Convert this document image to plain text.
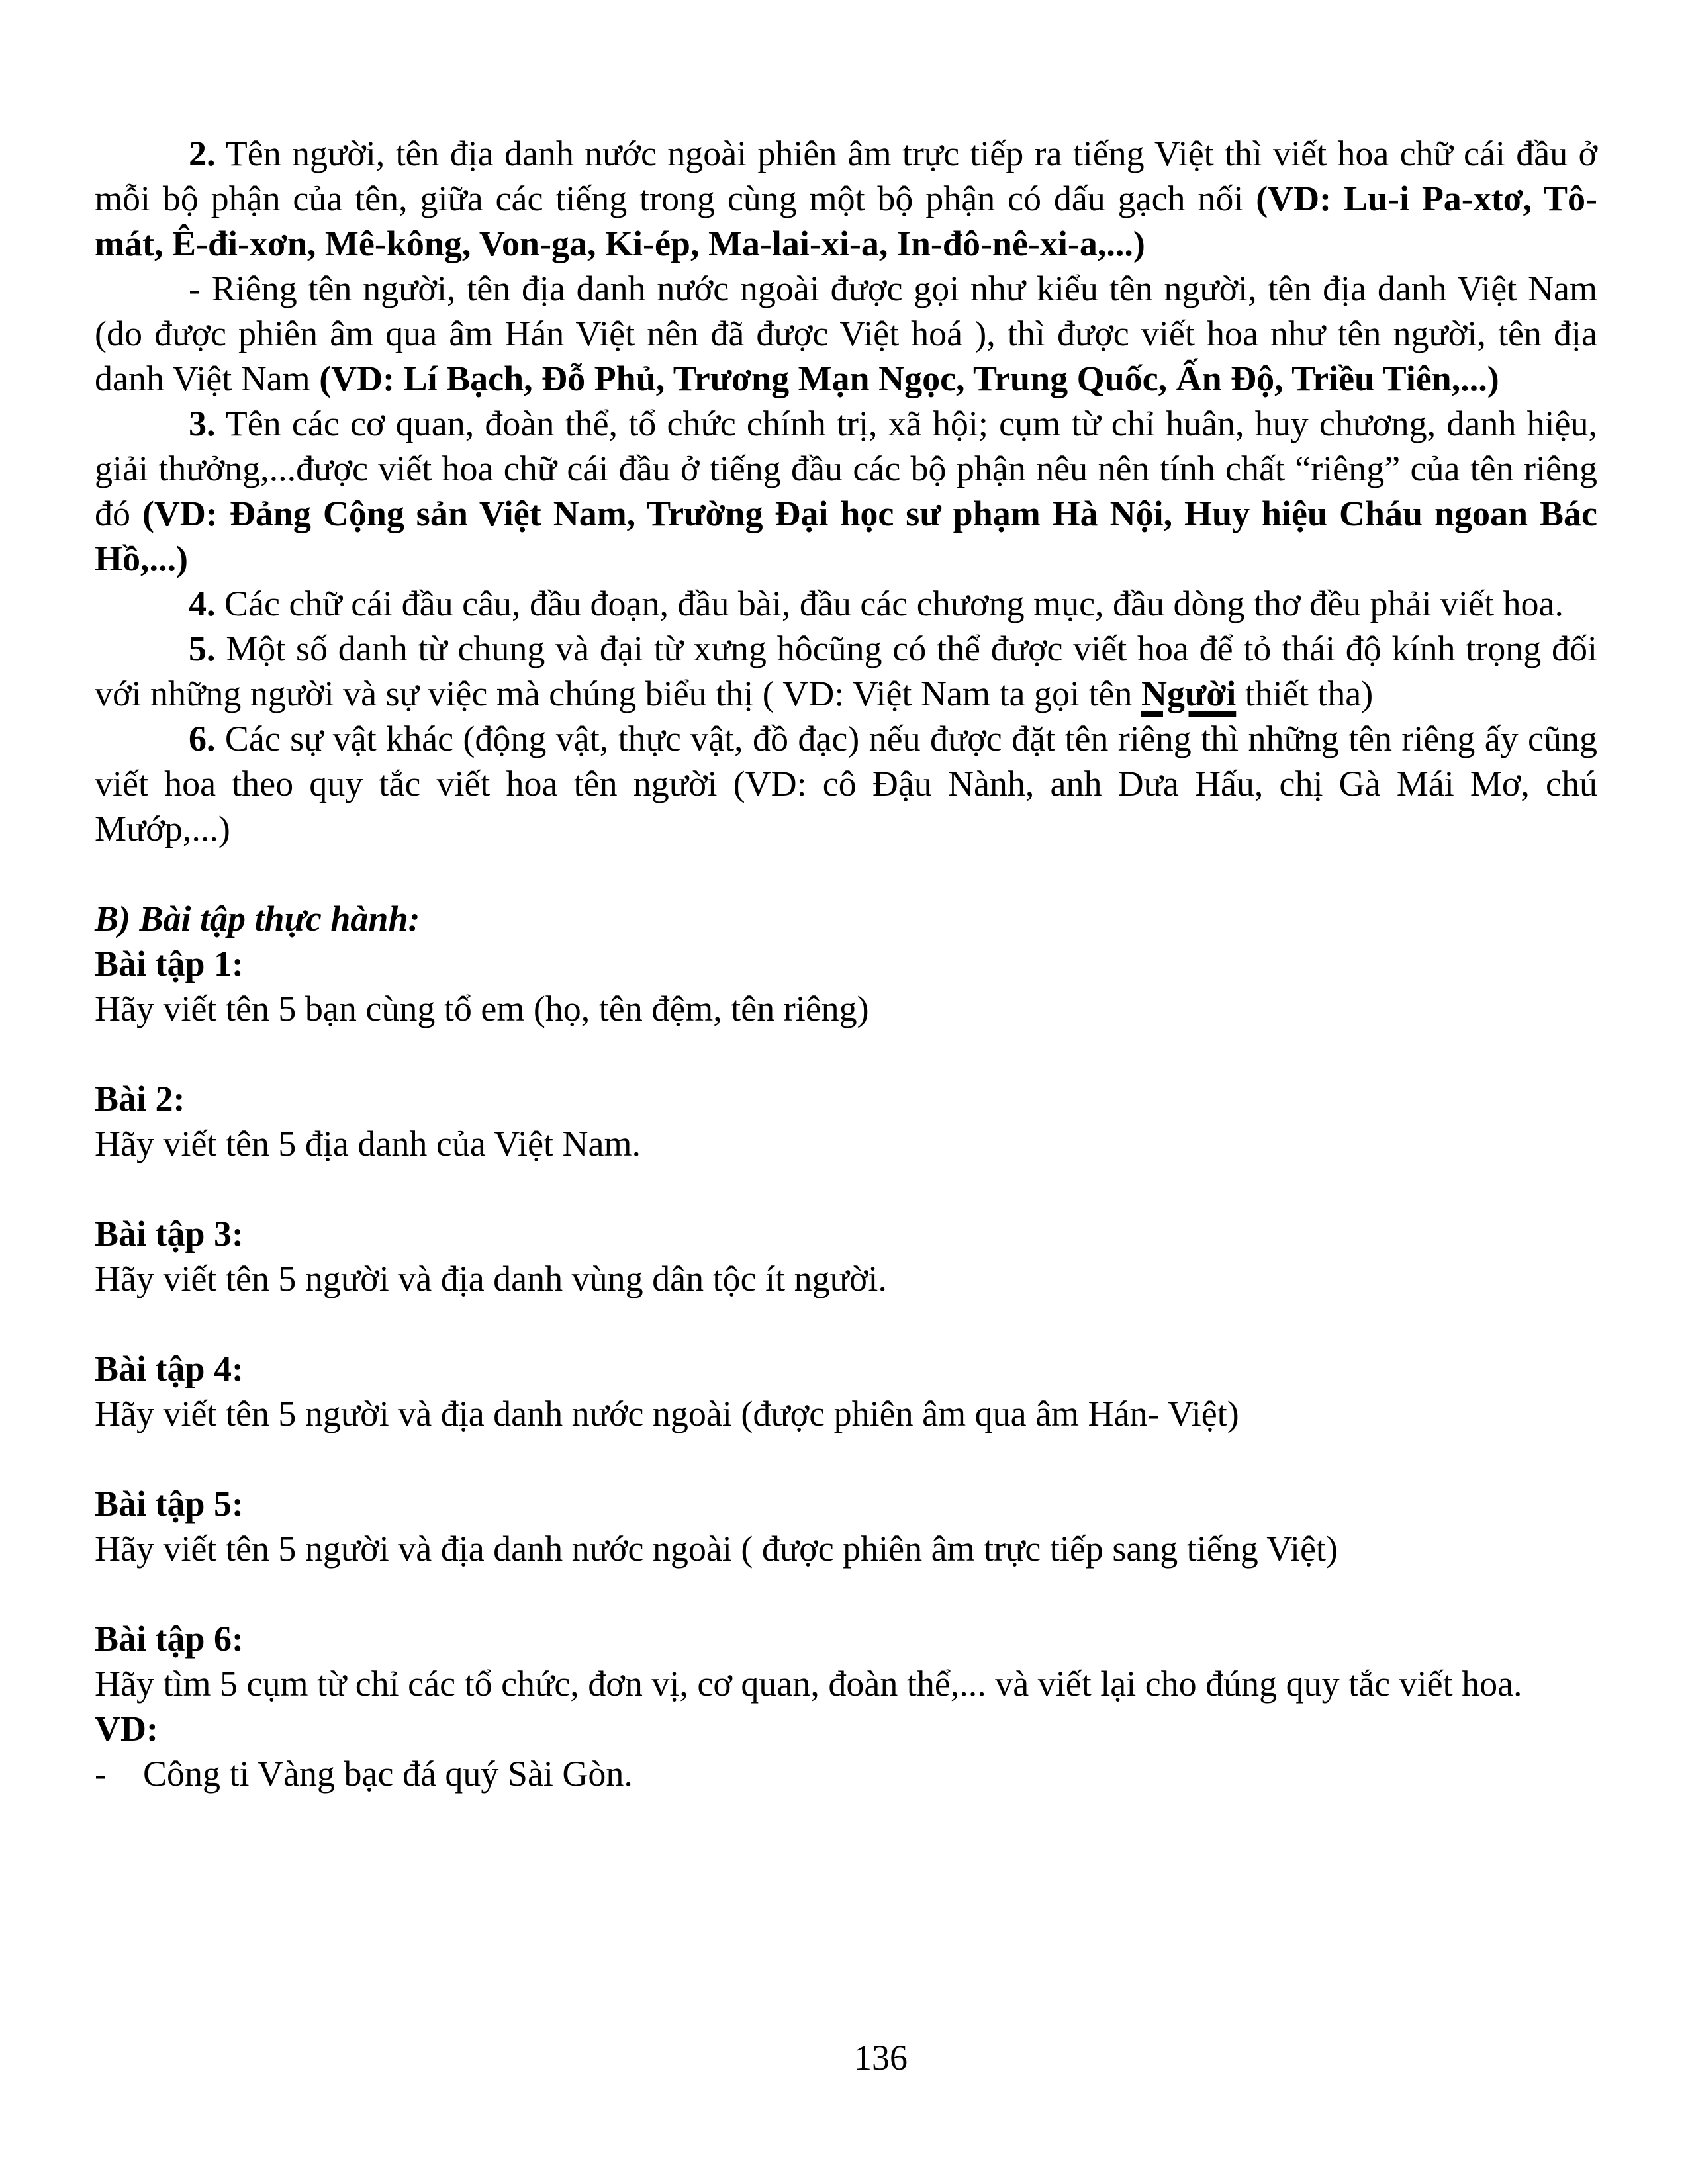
2. Tên người, tên địa danh nước ngoài phiên âm trực tiếp ra tiếng Việt thì viết hoa chữ cái đầu ở mỗi bộ phận của tên, giữa các tiếng trong cùng một bộ phận có dấu gạch nối (VD: Lu-i Pa-xtơ, Tô- mát, Ê-đi-xơn, Mê-kông, Von-ga, Ki-ép, Ma-lai-xi-a, In-đô-nê-xi-a,...)

- Riêng tên người, tên địa danh nước ngoài được gọi như kiểu tên người, tên địa danh Việt Nam (do được phiên âm qua âm Hán Việt nên đã được Việt hoá ), thì được viết hoa như tên người, tên địa danh Việt Nam (VD: Lí Bạch, Đỗ Phủ, Trương Mạn Ngọc, Trung Quốc, Ấn Độ, Triều Tiên,...)

3. Tên các cơ quan, đoàn thể, tổ chức chính trị, xã hội; cụm từ chỉ huân, huy chương, danh hiệu, giải thưởng,...được viết hoa chữ cái đầu ở tiếng đầu các bộ phận nêu nên tính chất “riêng” của tên riêng đó (VD: Đảng Cộng sản Việt Nam, Trường Đại học sư phạm Hà Nội, Huy hiệu Cháu ngoan Bác Hồ,...)

4. Các chữ cái đầu câu, đầu đoạn, đầu bài, đầu các chương mục, đầu dòng thơ đều phải viết hoa.

5. Một số danh từ chung và đại từ xưng hôcũng có thể được viết hoa để tỏ thái độ kính trọng đối với những người và sự việc mà chúng biểu thị ( VD: Việt Nam ta gọi tên Người thiết tha)

6. Các sự vật khác (động vật, thực vật, đồ đạc) nếu được đặt tên riêng thì những tên riêng ấy cũng viết hoa theo quy tắc viết hoa tên người (VD: cô Đậu Nành, anh Dưa Hấu, chị Gà Mái Mơ, chú Mướp,...)

B) Bài tập thực hành:

Bài tập 1:

Hãy viết tên 5 bạn cùng tổ em (họ, tên đệm, tên riêng)

Bài 2:

Hãy viết tên 5 địa danh của Việt Nam.

Bài tập 3:

Hãy viết tên 5 người và địa danh vùng dân tộc ít người.

Bài tập 4:

Hãy viết tên 5 người và địa danh nước ngoài (được phiên âm qua âm Hán- Việt)

Bài tập 5:

Hãy viết tên 5 người và địa danh nước ngoài ( được phiên âm trực tiếp sang tiếng Việt)

Bài tập 6:

Hãy tìm 5 cụm từ chỉ các tổ chức, đơn vị, cơ quan, đoàn thể,... và viết lại cho đúng quy tắc viết hoa.

VD:

- Công ti Vàng bạc đá quý Sài Gòn.

136
